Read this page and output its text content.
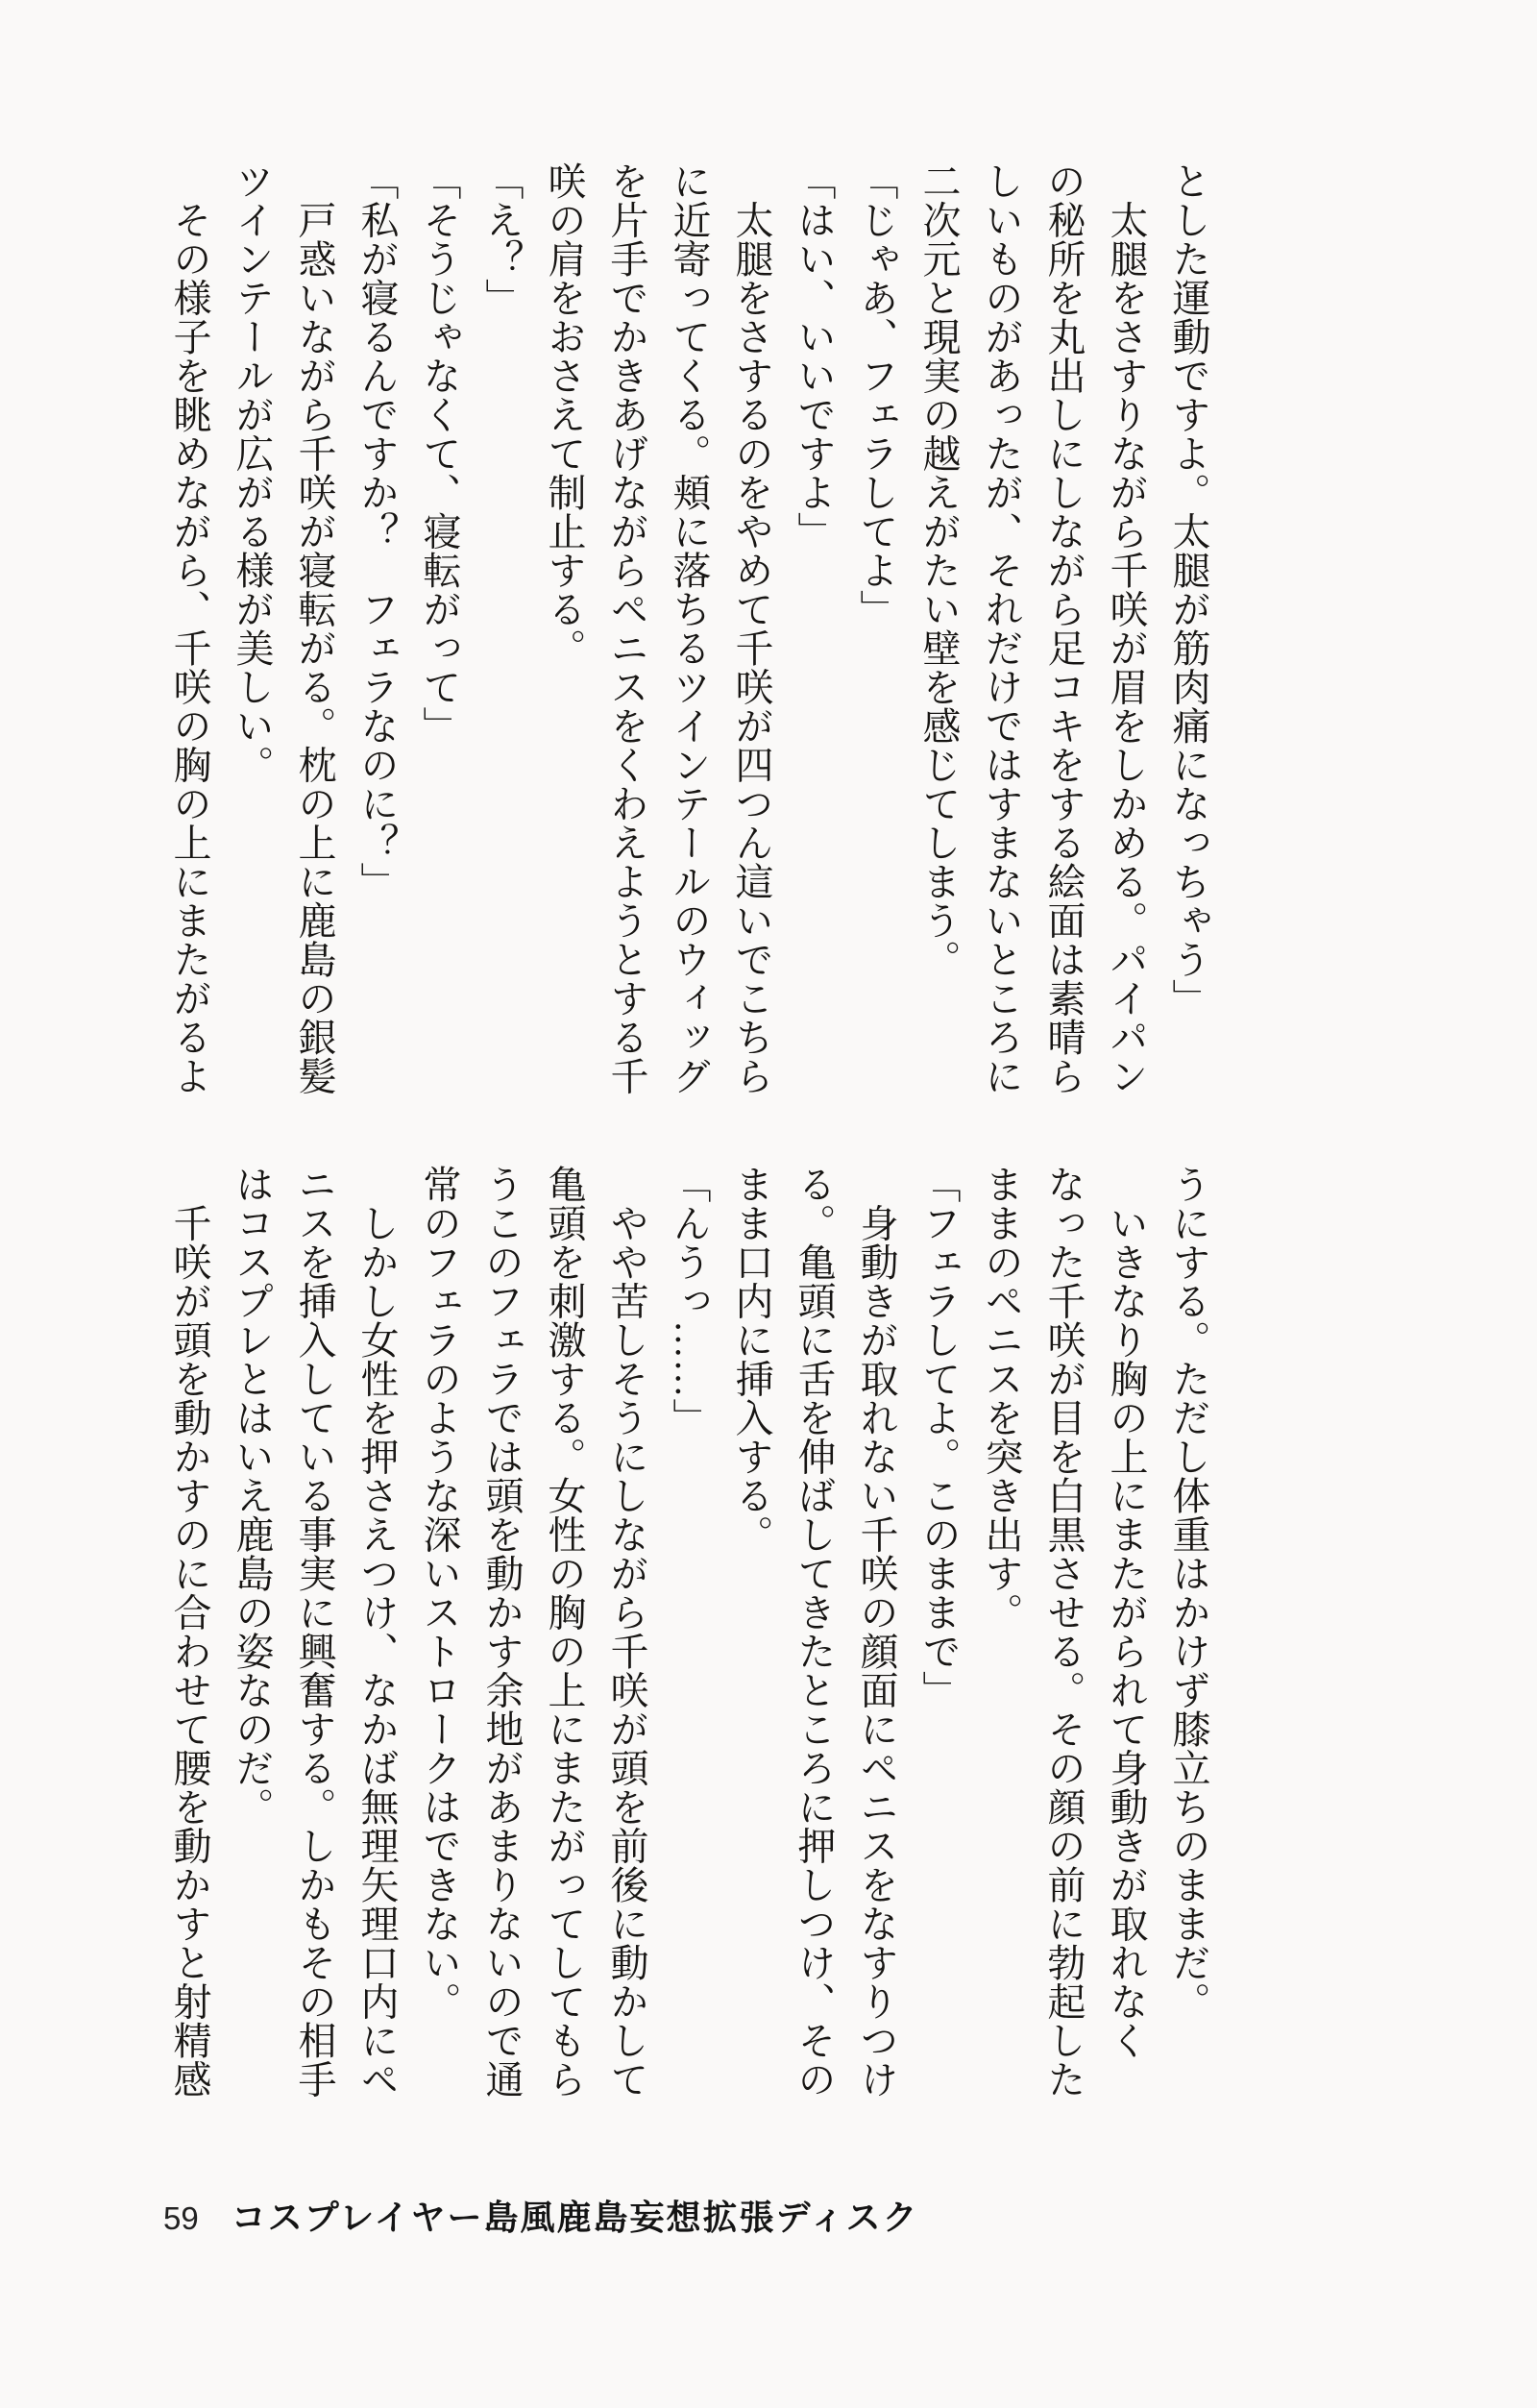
とした運動ですよ。太腿が筋肉痛になっちゃう」
　太腿をさすりながら千咲が眉をしかめる。パイパン
の秘所を丸出しにしながら足コキをする絵面は素晴ら
しいものがあったが、それだけではすまないところに
二次元と現実の越えがたい壁を感じてしまう。
「じゃあ、フェラしてよ」
「はい、いいですよ」
　太腿をさするのをやめて千咲が四つん這いでこちら
に近寄ってくる。頬に落ちるツインテールのウィッグ
を片手でかきあげながらペニスをくわえようとする千
咲の肩をおさえて制止する。
「え？」
「そうじゃなくて、寝転がって」
「私が寝るんですか？　フェラなのに？」
　戸惑いながら千咲が寝転がる。枕の上に鹿島の銀髪
ツインテールが広がる様が美しい。
　その様子を眺めながら、千咲の胸の上にまたがるよ
うにする。ただし体重はかけず膝立ちのままだ。
　いきなり胸の上にまたがられて身動きが取れなく
なった千咲が目を白黒させる。その顔の前に勃起した
ままのペニスを突き出す。
「フェラしてよ。このままで」
　身動きが取れない千咲の顔面にペニスをなすりつけ
る。亀頭に舌を伸ばしてきたところに押しつけ、その
まま口内に挿入する。
「んうっ……」
　やや苦しそうにしながら千咲が頭を前後に動かして
亀頭を刺激する。女性の胸の上にまたがってしてもら
うこのフェラでは頭を動かす余地があまりないので通
常のフェラのような深いストロークはできない。
　しかし女性を押さえつけ、なかば無理矢理口内にペ
ニスを挿入している事実に興奮する。しかもその相手
はコスプレとはいえ鹿島の姿なのだ。
　千咲が頭を動かすのに合わせて腰を動かすと射精感
59 コスプレイヤー島風鹿島妄想拡張ディスク
